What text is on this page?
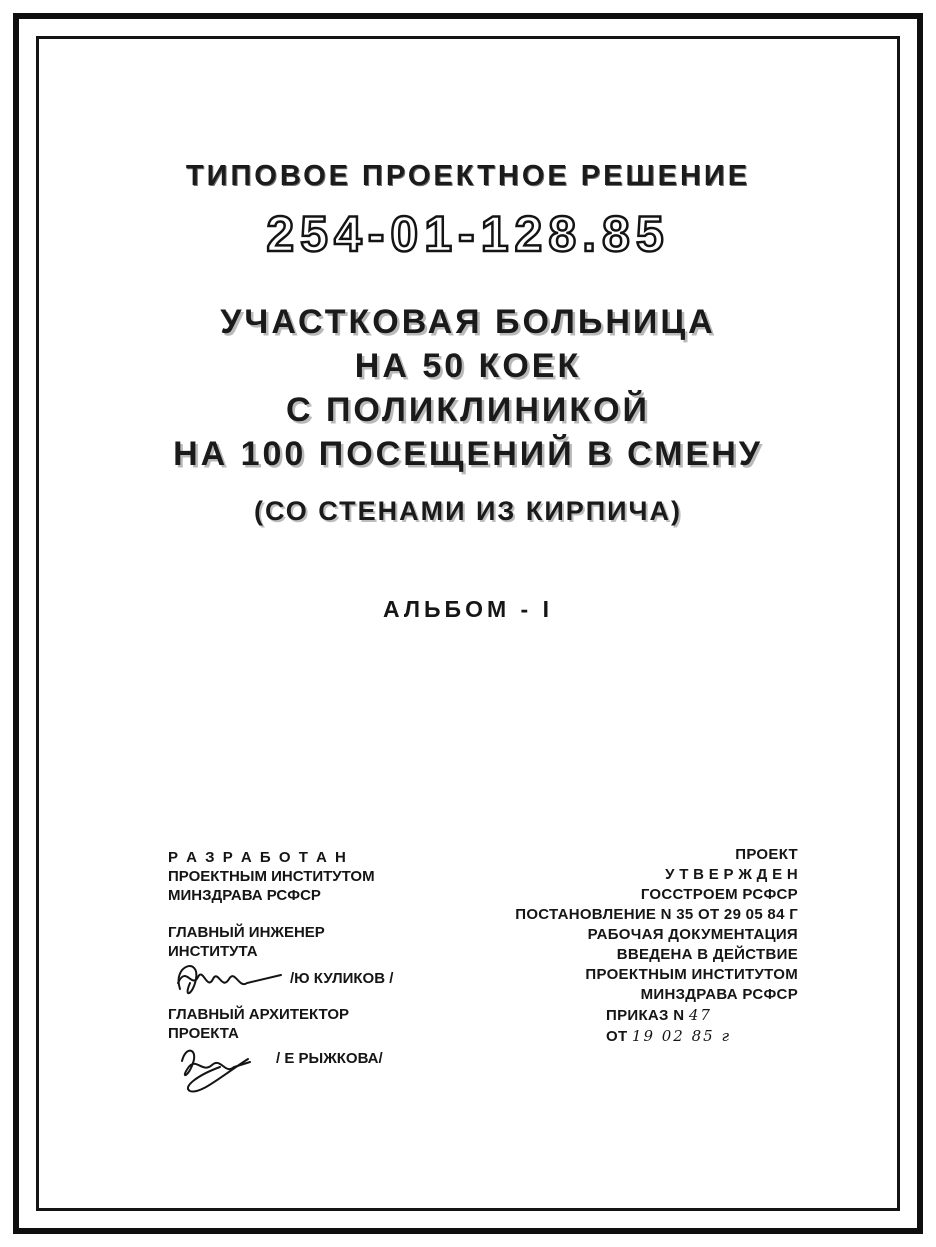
ТИПОВОЕ ПРОЕКТНОЕ РЕШЕНИЕ
254-01-128.85
УЧАСТКОВАЯ БОЛЬНИЦА
НА 50 КОЕК
С ПОЛИКЛИНИКОЙ
НА 100 ПОСЕЩЕНИЙ В СМЕНУ
(СО СТЕНАМИ ИЗ КИРПИЧА)
АЛЬБОМ - I
Р А З Р А Б О Т А Н
ПРОЕКТНЫМ ИНСТИТУТОМ
МИНЗДРАВА РСФСР
ГЛАВНЫЙ ИНЖЕНЕР
ИНСТИТУТА
/Ю КУЛИКОВ /
ГЛАВНЫЙ АРХИТЕКТОР
ПРОЕКТА
/ Е РЫЖКОВА/
ПРОЕКТ
У Т В Е Р Ж Д Е Н
ГОССТРОЕМ РСФСР
ПОСТАНОВЛЕНИЕ N 35 ОТ 29 05 84 Г
РАБОЧАЯ ДОКУМЕНТАЦИЯ
ВВЕДЕНА В ДЕЙСТВИЕ
ПРОЕКТНЫМ ИНСТИТУТОМ
МИНЗДРАВА РСФСР
ПРИКАЗ N 47
ОТ 19 02 85 г
